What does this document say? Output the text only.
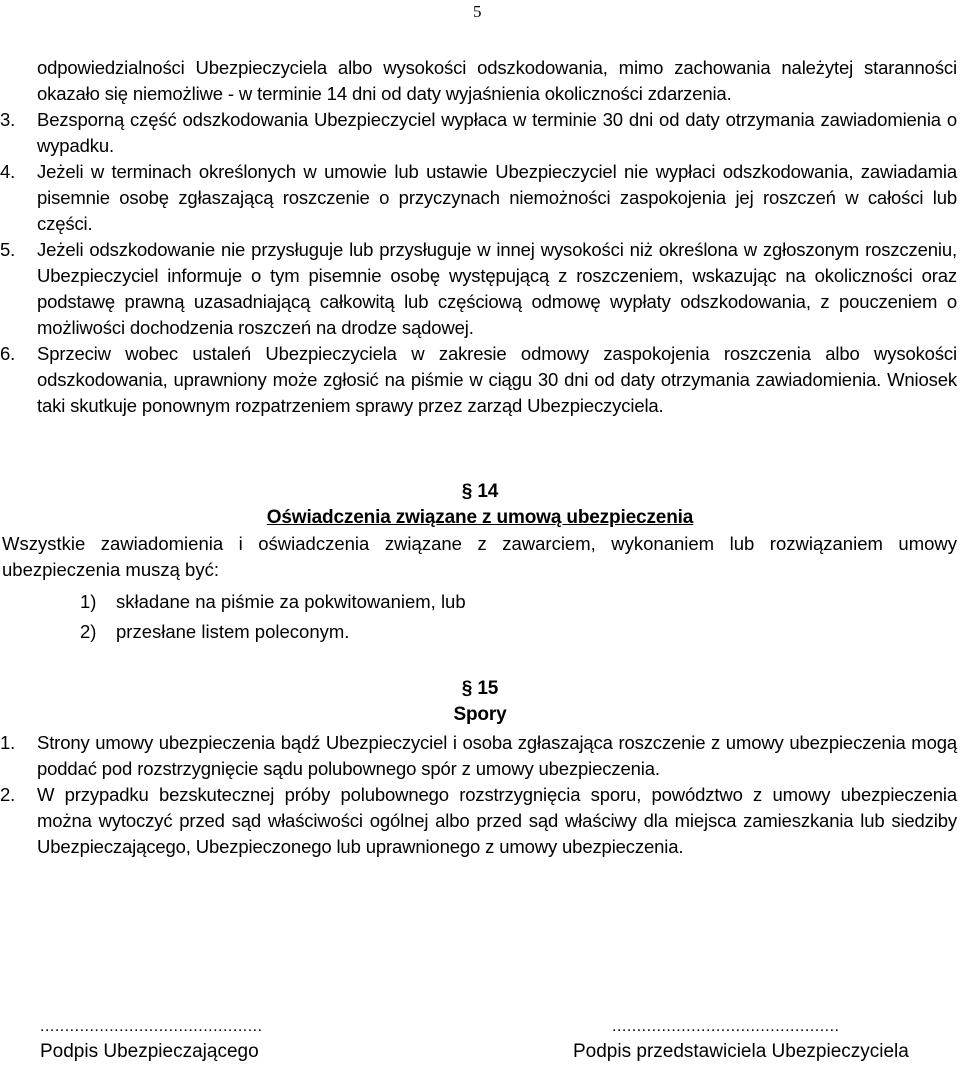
5
odpowiedzialności Ubezpieczyciela albo wysokości odszkodowania, mimo zachowania należytej staranności okazało się niemożliwe - w terminie 14 dni od daty wyjaśnienia okoliczności zdarzenia.
3.	Bezsporną część odszkodowania Ubezpieczyciel wypłaca w terminie 30 dni od daty otrzymania zawiadomienia o wypadku.
4.	Jeżeli w terminach określonych w umowie lub ustawie Ubezpieczyciel nie wypłaci odszkodowania, zawiadamia pisemnie osobę zgłaszającą roszczenie o przyczynach niemożności zaspokojenia jej roszczeń w całości lub części.
5.	Jeżeli odszkodowanie nie przysługuje lub przysługuje w innej wysokości niż określona w zgłoszonym roszczeniu, Ubezpieczyciel informuje o tym pisemnie osobę występującą z roszczeniem, wskazując na okoliczności oraz podstawę prawną uzasadniającą całkowitą lub częściową odmowę wypłaty odszkodowania, z pouczeniem o możliwości dochodzenia roszczeń na drodze sądowej.
6.	Sprzeciw wobec ustaleń Ubezpieczyciela w zakresie odmowy zaspokojenia roszczenia albo wysokości odszkodowania, uprawniony może zgłosić na piśmie w ciągu 30 dni od daty otrzymania zawiadomienia. Wniosek taki skutkuje ponownym rozpatrzeniem sprawy przez zarząd Ubezpieczyciela.
§ 14
Oświadczenia związane z umową ubezpieczenia
Wszystkie zawiadomienia i oświadczenia związane z zawarciem, wykonaniem lub rozwiązaniem umowy ubezpieczenia muszą być:
1) składane na piśmie za pokwitowaniem, lub
2) przesłane listem poleconym.
§ 15
Spory
1.	Strony umowy ubezpieczenia bądź Ubezpieczyciel i osoba zgłaszająca roszczenie z umowy ubezpieczenia mogą poddać pod rozstrzygnięcie sądu polubownego spór z umowy ubezpieczenia.
2.	W przypadku bezskutecznej próby polubownego rozstrzygnięcia sporu, powództwo z umowy ubezpieczenia można wytoczyć przed sąd właściwości ogólnej albo przed sąd właściwy dla miejsca zamieszkania lub siedziby Ubezpieczającego, Ubezpieczonego lub uprawnionego z umowy ubezpieczenia.
.............................................
Podpis Ubezpieczającego
..............................................
Podpis przedstawiciela Ubezpieczyciela
